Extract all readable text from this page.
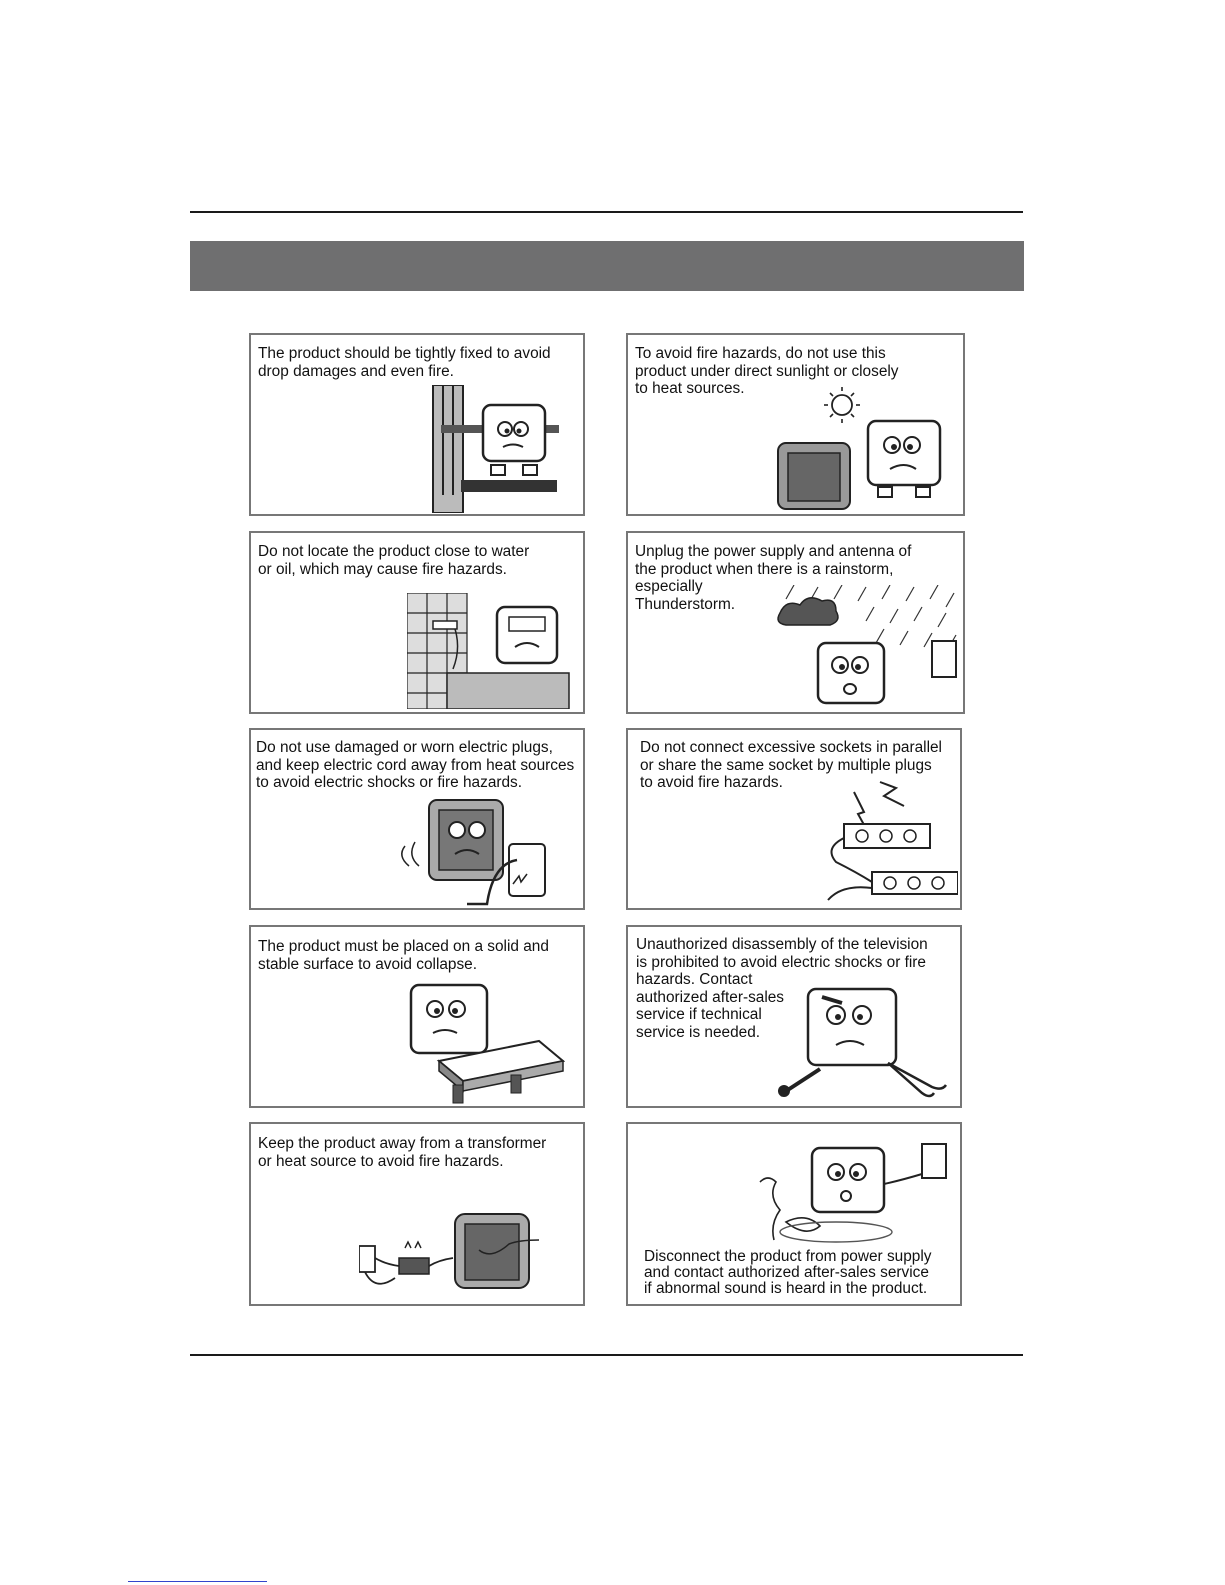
The product should be tightly fixed to avoid
drop damages and even fire.
To avoid fire hazards, do not use this
product under direct sunlight or closely
to heat sources.
Do not locate the product close to water
or oil, which may cause fire hazards.
Unplug the power supply and antenna of
the product when there is a rainstorm,
especially
Thunderstorm.
Do not use damaged or worn electric plugs,
and keep electric cord away from heat sources
to avoid electric shocks or fire hazards.
Do not connect excessive sockets in parallel
or share the same socket by multiple plugs
to avoid fire hazards.
The product must be placed on a solid and
stable surface to avoid collapse.
Unauthorized disassembly of the television
is prohibited to avoid electric shocks or fire
hazards. Contact
authorized after-sales
service if technical
service is needed.
Keep the product away from a transformer
or heat source to avoid fire hazards.
Disconnect the product from power supply
and contact authorized after-sales service
if abnormal sound is heard in the product.
